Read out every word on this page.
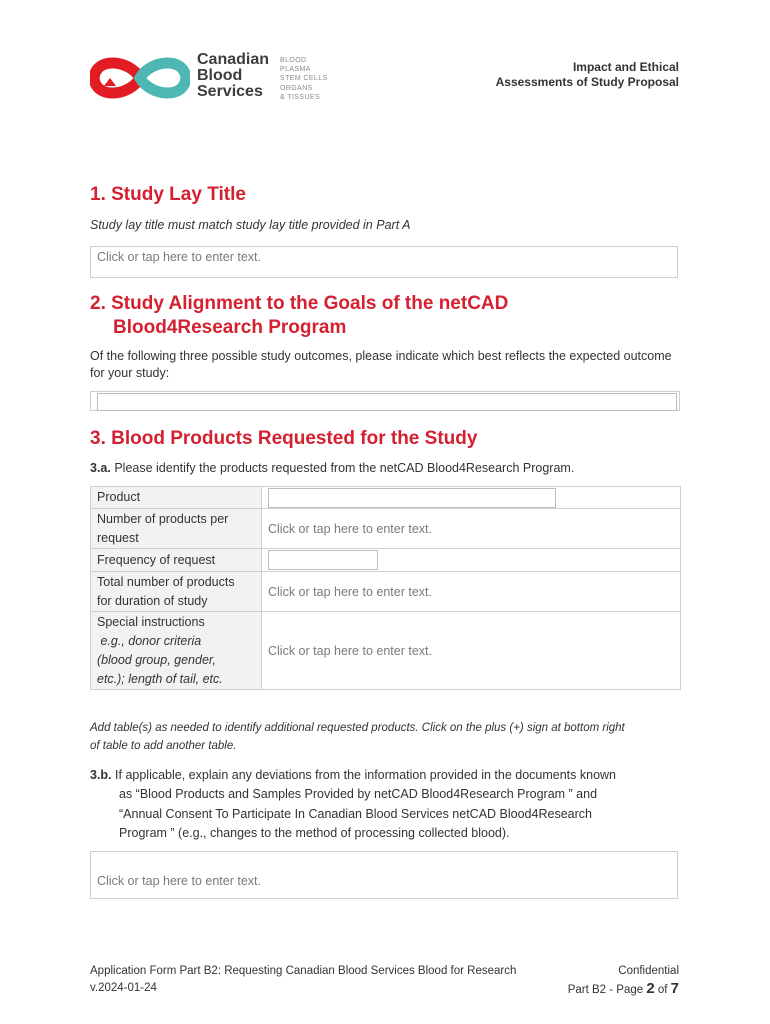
Canadian
Blood
Services
BLOOD
PLASMA
STEM CELLS
ORGANS
& TISSUES
Impact and Ethical
Assessments of Study Proposal
1. Study Lay Title
Study lay title must match study lay title provided in Part A
Click or tap here to enter text.
2. Study Alignment to the Goals of the netCAD
Blood4Research Program
Of the following three possible study outcomes, please indicate which best reflects the expected outcome for your study:
3. Blood Products Requested for the Study
3.a. Please identify the products requested from the netCAD Blood4Research Program.
Product	

Number of products per
request	Click or tap here to enter text.
Frequency of request	

Total number of products
for duration of study	Click or tap here to enter text.

Special instructions
e.g., donor criteria
(blood group, gender,
etc.); length of tail, etc.	Click or tap here to enter text.
Add table(s) as needed to identify additional requested products. Click on the plus (+) sign at bottom right
of table to add another table.
3.b. If applicable, explain any deviations from the information provided in the documents known
as “Blood Products and Samples Provided by netCAD Blood4Research Program ” and
“Annual Consent To Participate In Canadian Blood Services netCAD Blood4Research
Program ” (e.g., changes to the method of processing collected blood).
Click or tap here to enter text.
Application Form Part B2: Requesting Canadian Blood Services Blood for Research
v.2024-01-24
Confidential
Part B2 - Page 2 of 7
